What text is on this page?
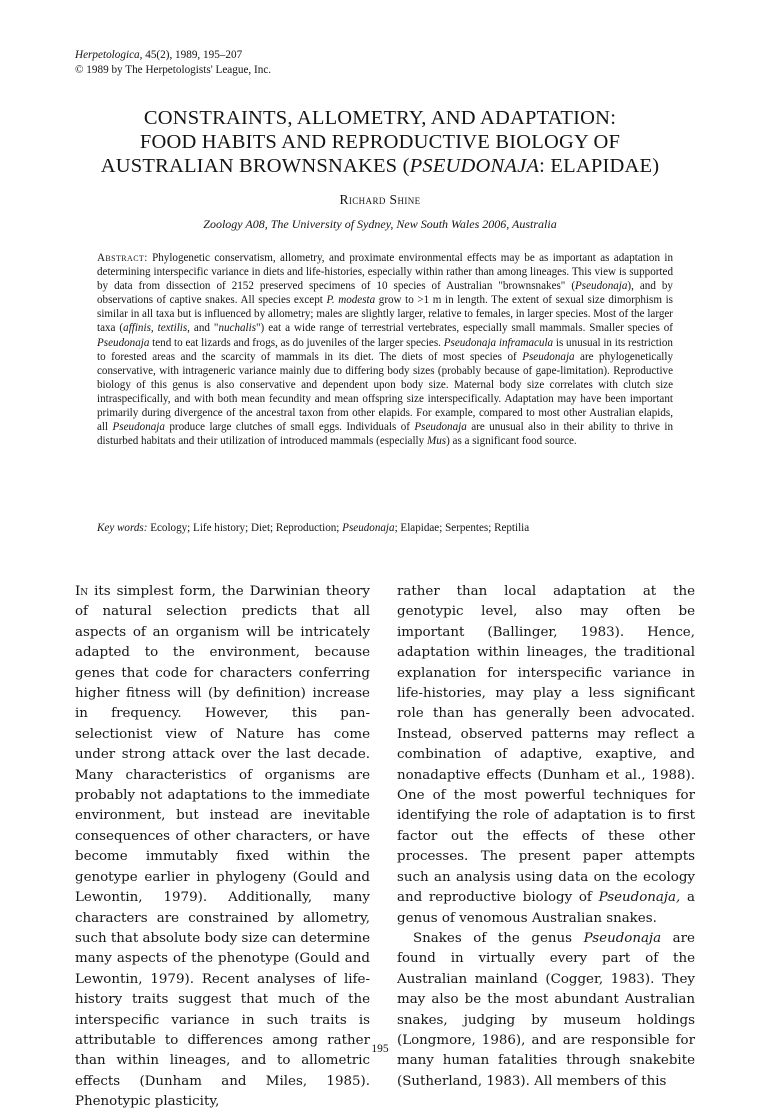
Herpetologica, 45(2), 1989, 195–207
© 1989 by The Herpetologists' League, Inc.
CONSTRAINTS, ALLOMETRY, AND ADAPTATION:
FOOD HABITS AND REPRODUCTIVE BIOLOGY OF
AUSTRALIAN BROWNSNAKES (PSEUDONAJA: ELAPIDAE)
Richard Shine
Zoology A08, The University of Sydney, New South Wales 2006, Australia
Abstract: Phylogenetic conservatism, allometry, and proximate environmental effects may be as important as adaptation in determining interspecific variance in diets and life-histories, especially within rather than among lineages. This view is supported by data from dissection of 2152 preserved specimens of 10 species of Australian "brownsnakes" (Pseudonaja), and by observations of captive snakes. All species except P. modesta grow to >1 m in length. The extent of sexual size dimorphism is similar in all taxa but is influenced by allometry; males are slightly larger, relative to females, in larger species. Most of the larger taxa (affinis, textilis, and "nuchalis") eat a wide range of terrestrial vertebrates, especially small mammals. Smaller species of Pseudonaja tend to eat lizards and frogs, as do juveniles of the larger species. Pseudonaja inframacula is unusual in its restriction to forested areas and the scarcity of mammals in its diet. The diets of most species of Pseudonaja are phylogenetically conservative, with intrageneric variance mainly due to differing body sizes (probably because of gape-limitation). Reproductive biology of this genus is also conservative and dependent upon body size. Maternal body size correlates with clutch size intraspecifically, and with both mean fecundity and mean offspring size interspecifically. Adaptation may have been important primarily during divergence of the ancestral taxon from other elapids. For example, compared to most other Australian elapids, all Pseudonaja produce large clutches of small eggs. Individuals of Pseudonaja are unusual also in their ability to thrive in disturbed habitats and their utilization of introduced mammals (especially Mus) as a significant food source.
Key words: Ecology; Life history; Diet; Reproduction; Pseudonaja; Elapidae; Serpentes; Reptilia

In its simplest form, the Darwinian theory of natural selection predicts that all aspects of an organism will be intricately adapted to the environment, because genes that code for characters conferring higher fitness will (by definition) increase in frequency. However, this pan-selectionist view of Nature has come under strong attack over the last decade. Many characteristics of organisms are probably not adaptations to the immediate environment, but instead are inevitable consequences of other characters, or have become immutably fixed within the genotype earlier in phylogeny (Gould and Lewontin, 1979). Additionally, many characters are constrained by allometry, such that absolute body size can determine many aspects of the phenotype (Gould and Lewontin, 1979). Recent analyses of life-history traits suggest that much of the interspecific variance in such traits is attributable to differences among rather than within lineages, and to allometric effects (Dunham and Miles, 1985). Phenotypic plasticity,

rather than local adaptation at the genotypic level, also may often be important (Ballinger, 1983). Hence, adaptation within lineages, the traditional explanation for interspecific variance in life-histories, may play a less significant role than has generally been advocated. Instead, observed patterns may reflect a combination of adaptive, exaptive, and nonadaptive effects (Dunham et al., 1988). One of the most powerful techniques for identifying the role of adaptation is to first factor out the effects of these other processes. The present paper attempts such an analysis using data on the ecology and reproductive biology of Pseudonaja, a genus of venomous Australian snakes.

Snakes of the genus Pseudonaja are found in virtually every part of the Australian mainland (Cogger, 1983). They may also be the most abundant Australian snakes, judging by museum holdings (Longmore, 1986), and are responsible for many human fatalities through snakebite (Sutherland, 1983). All members of this

195
